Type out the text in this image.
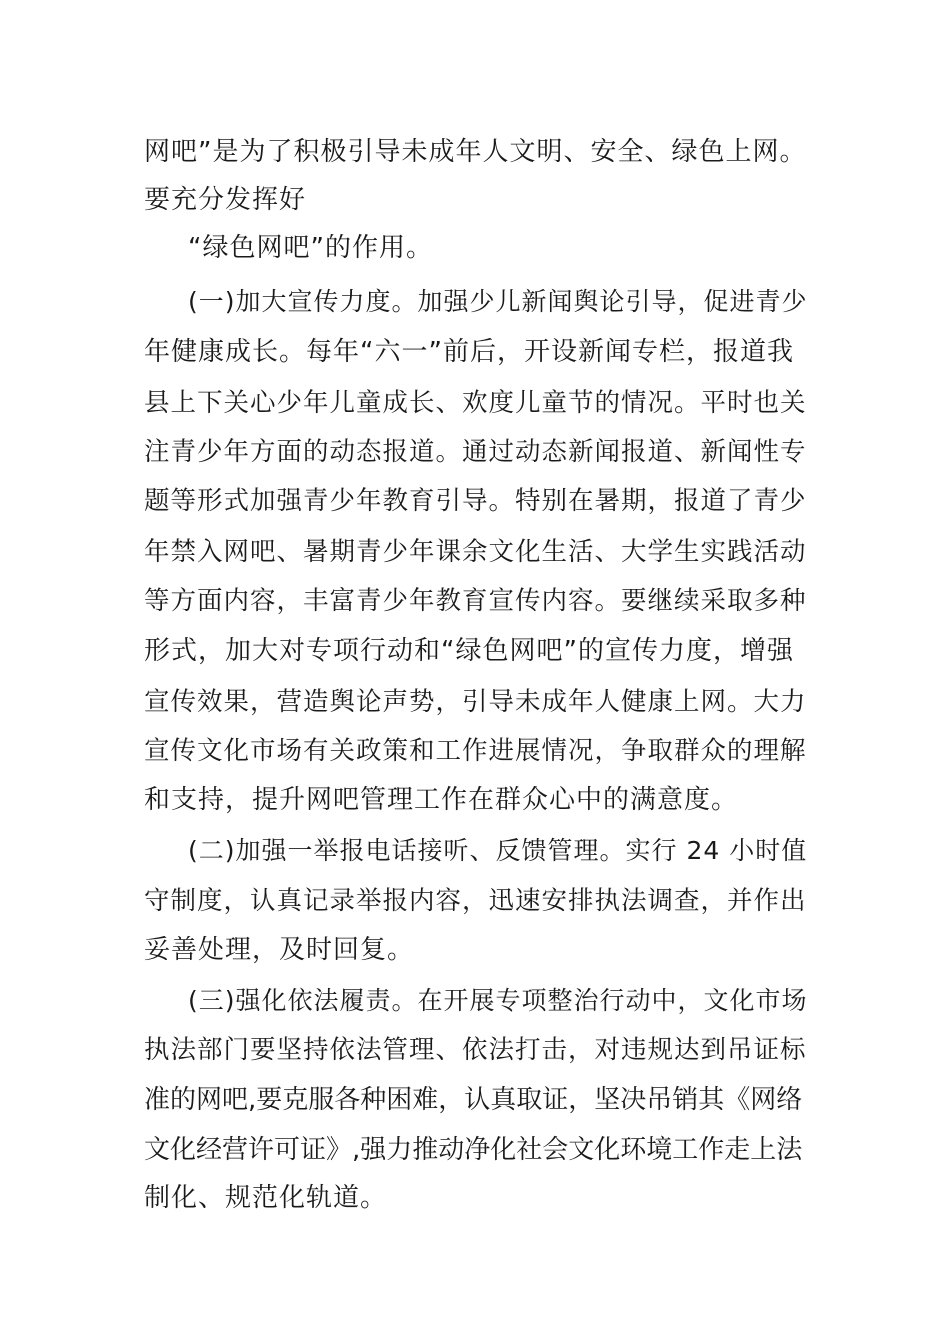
网吧”是为了积极引导未成年人文明、安全、绿色上网。
要充分发挥好
“绿色网吧”的作用。
(一)加大宣传力度。加强少儿新闻舆论引导，促进青少
年健康成长。每年“六一”前后，开设新闻专栏，报道我
县上下关心少年儿童成长、欢度儿童节的情况。平时也关
注青少年方面的动态报道。通过动态新闻报道、新闻性专
题等形式加强青少年教育引导。特别在暑期，报道了青少
年禁入网吧、暑期青少年课余文化生活、大学生实践活动
等方面内容，丰富青少年教育宣传内容。要继续采取多种
形式，加大对专项行动和“绿色网吧”的宣传力度，增强
宣传效果，营造舆论声势，引导未成年人健康上网。大力
宣传文化市场有关政策和工作进展情况，争取群众的理解
和支持，提升网吧管理工作在群众心中的满意度。
(二)加强一举报电话接听、反馈管理。实行 24 小时值
守制度，认真记录举报内容，迅速安排执法调查，并作出
妥善处理，及时回复。
(三)强化依法履责。在开展专项整治行动中，文化市场
执法部门要坚持依法管理、依法打击，对违规达到吊证标
准的网吧,要克服各种困难，认真取证，坚决吊销其《网络
文化经营许可证》,强力推动净化社会文化环境工作走上法
制化、规范化轨道。
